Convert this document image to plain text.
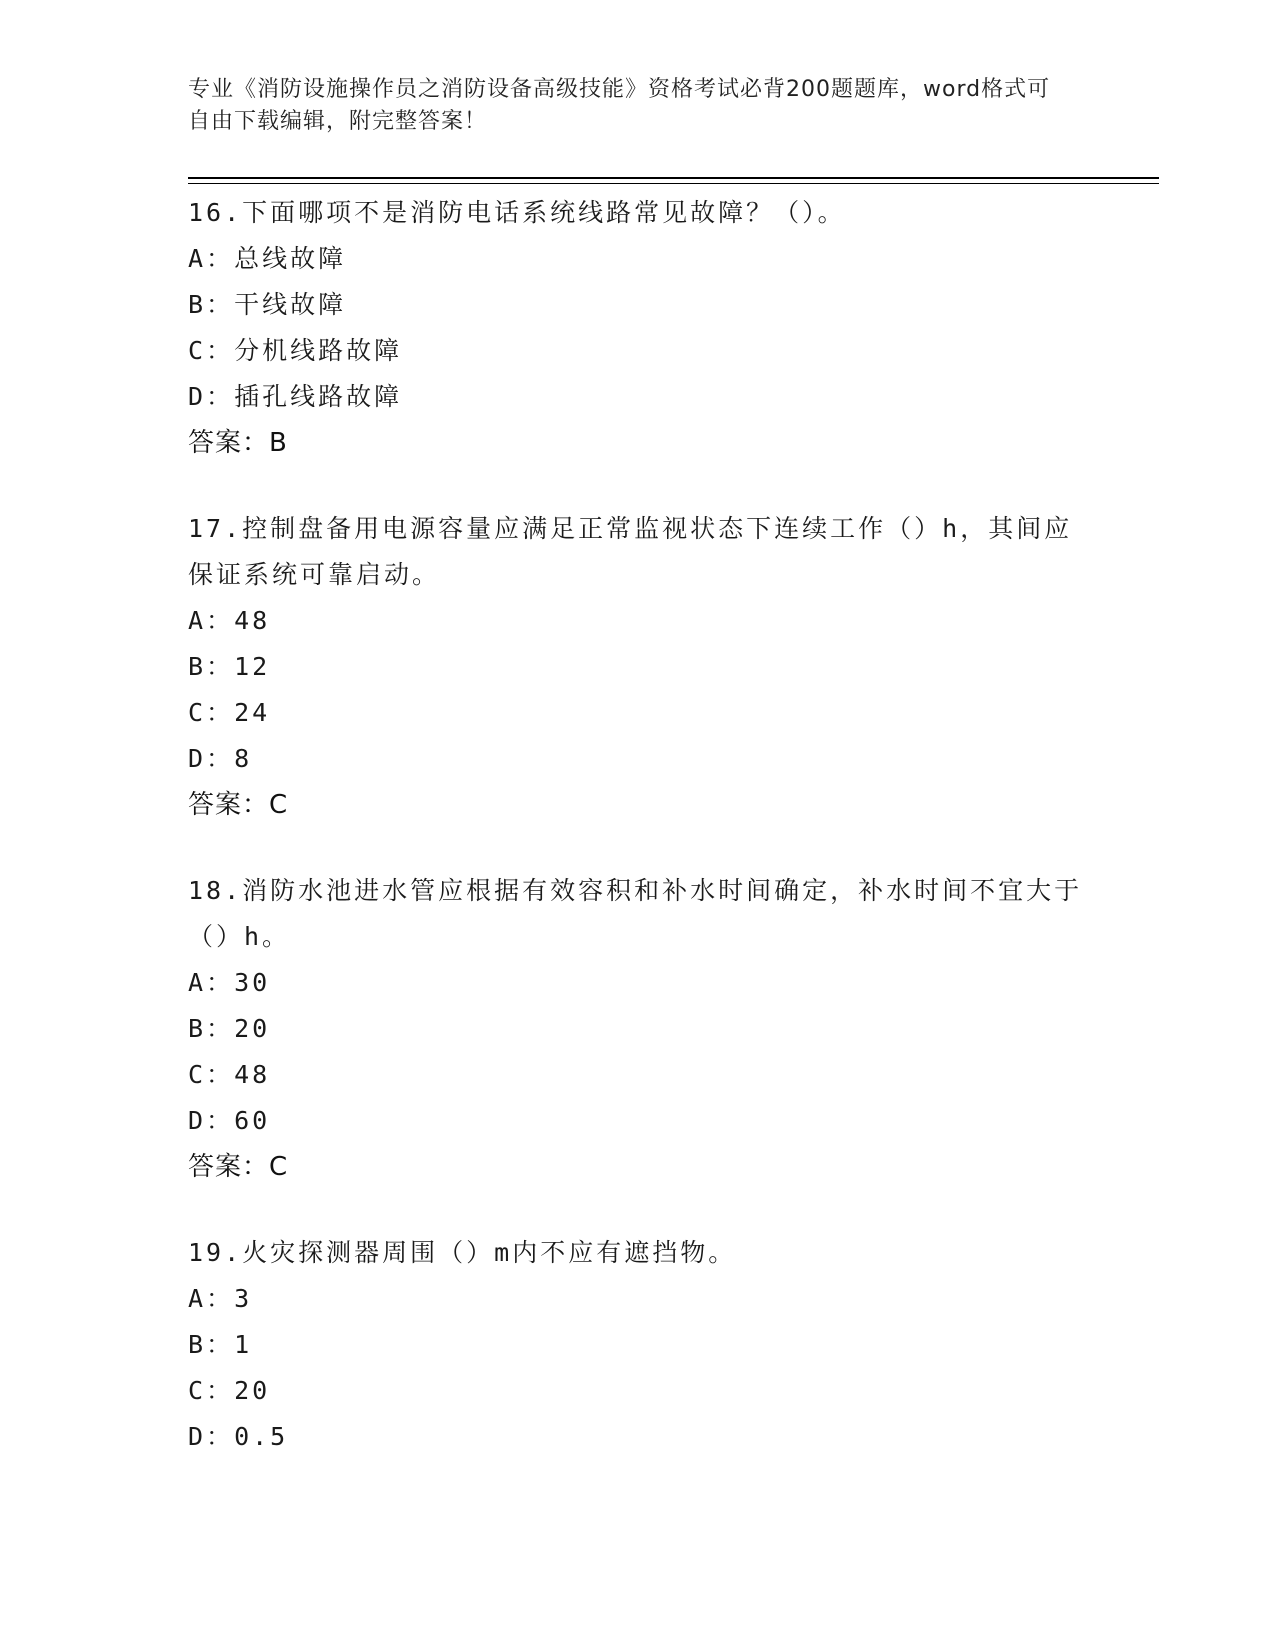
专业《消防设施操作员之消防设备高级技能》资格考试必背200题题库，word格式可自由下载编辑，附完整答案！

16.下面哪项不是消防电话系统线路常见故障？（）。

A：总线故障

B：干线故障

C：分机线路故障

D：插孔线路故障

答案：B

17.控制盘备用电源容量应满足正常监视状态下连续工作（）h，其间应保证系统可靠启动。

A：48

B：12

C：24

D：8

答案：C

18.消防水池进水管应根据有效容积和补水时间确定，补水时间不宜大于（）h。

A：30

B：20

C：48

D：60

答案：C

19.火灾探测器周围（）m内不应有遮挡物。

A：3

B：1

C：20

D：0.5
